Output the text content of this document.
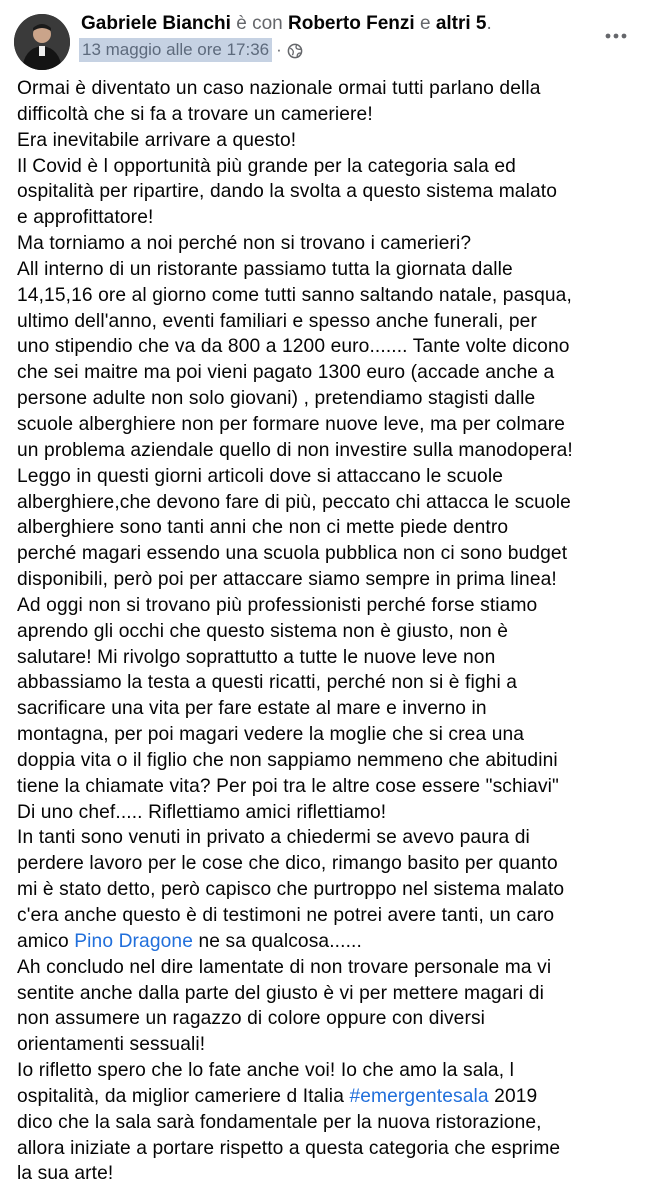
Gabriele Bianchi è con Roberto Fenzi e altri 5.
13 maggio alle ore 17:36 ·
Ormai è diventato un caso nazionale ormai tutti parlano della
difficoltà che si fa a trovare un cameriere!
Era inevitabile arrivare a questo!
Il Covid è l opportunità più grande per la categoria sala ed
ospitalità per ripartire, dando la svolta a questo sistema malato
e approfittatore!
Ma torniamo a noi perché non si trovano i camerieri?
All interno di un ristorante passiamo tutta la giornata dalle
14,15,16 ore al giorno come tutti sanno saltando natale, pasqua,
ultimo dell'anno, eventi familiari e spesso anche funerali, per
uno stipendio che va da 800 a 1200 euro....... Tante volte dicono
che sei maitre ma poi vieni pagato 1300 euro (accade anche a
persone adulte non solo giovani) , pretendiamo stagisti dalle
scuole alberghiere non per formare nuove leve, ma per colmare
un problema aziendale quello di non investire sulla manodopera!
Leggo in questi giorni articoli dove si attaccano le scuole
alberghiere,che devono fare di più, peccato chi attacca le scuole
alberghiere sono tanti anni che non ci mette piede dentro
perché magari essendo una scuola pubblica non ci sono budget
disponibili, però poi per attaccare siamo sempre in prima linea!
Ad oggi non si trovano più professionisti perché forse stiamo
aprendo gli occhi che questo sistema non è giusto, non è
salutare! Mi rivolgo soprattutto a tutte le nuove leve non
abbassiamo la testa a questi ricatti, perché non si è fighi a
sacrificare una vita per fare estate al mare e inverno in
montagna, per poi magari vedere la moglie che si crea una
doppia vita o il figlio che non sappiamo nemmeno che abitudini
tiene la chiamate vita? Per poi tra le altre cose essere "schiavi"
Di uno chef..... Riflettiamo amici riflettiamo!
In tanti sono venuti in privato a chiedermi se avevo paura di
perdere lavoro per le cose che dico, rimango basito per quanto
mi è stato detto, però capisco che purtroppo nel sistema malato
c'era anche questo è di testimoni ne potrei avere tanti, un caro
amico Pino Dragone ne sa qualcosa......
Ah concludo nel dire lamentate di non trovare personale ma vi
sentite anche dalla parte del giusto è vi per mettere magari di
non assumere un ragazzo di colore oppure con diversi
orientamenti sessuali!
Io rifletto spero che lo fate anche voi! Io che amo la sala, l
ospitalità, da miglior cameriere d Italia #emergentesala 2019
dico che la sala sarà fondamentale per la nuova ristorazione,
allora iniziate a portare rispetto a questa categoria che esprime
la sua arte!
